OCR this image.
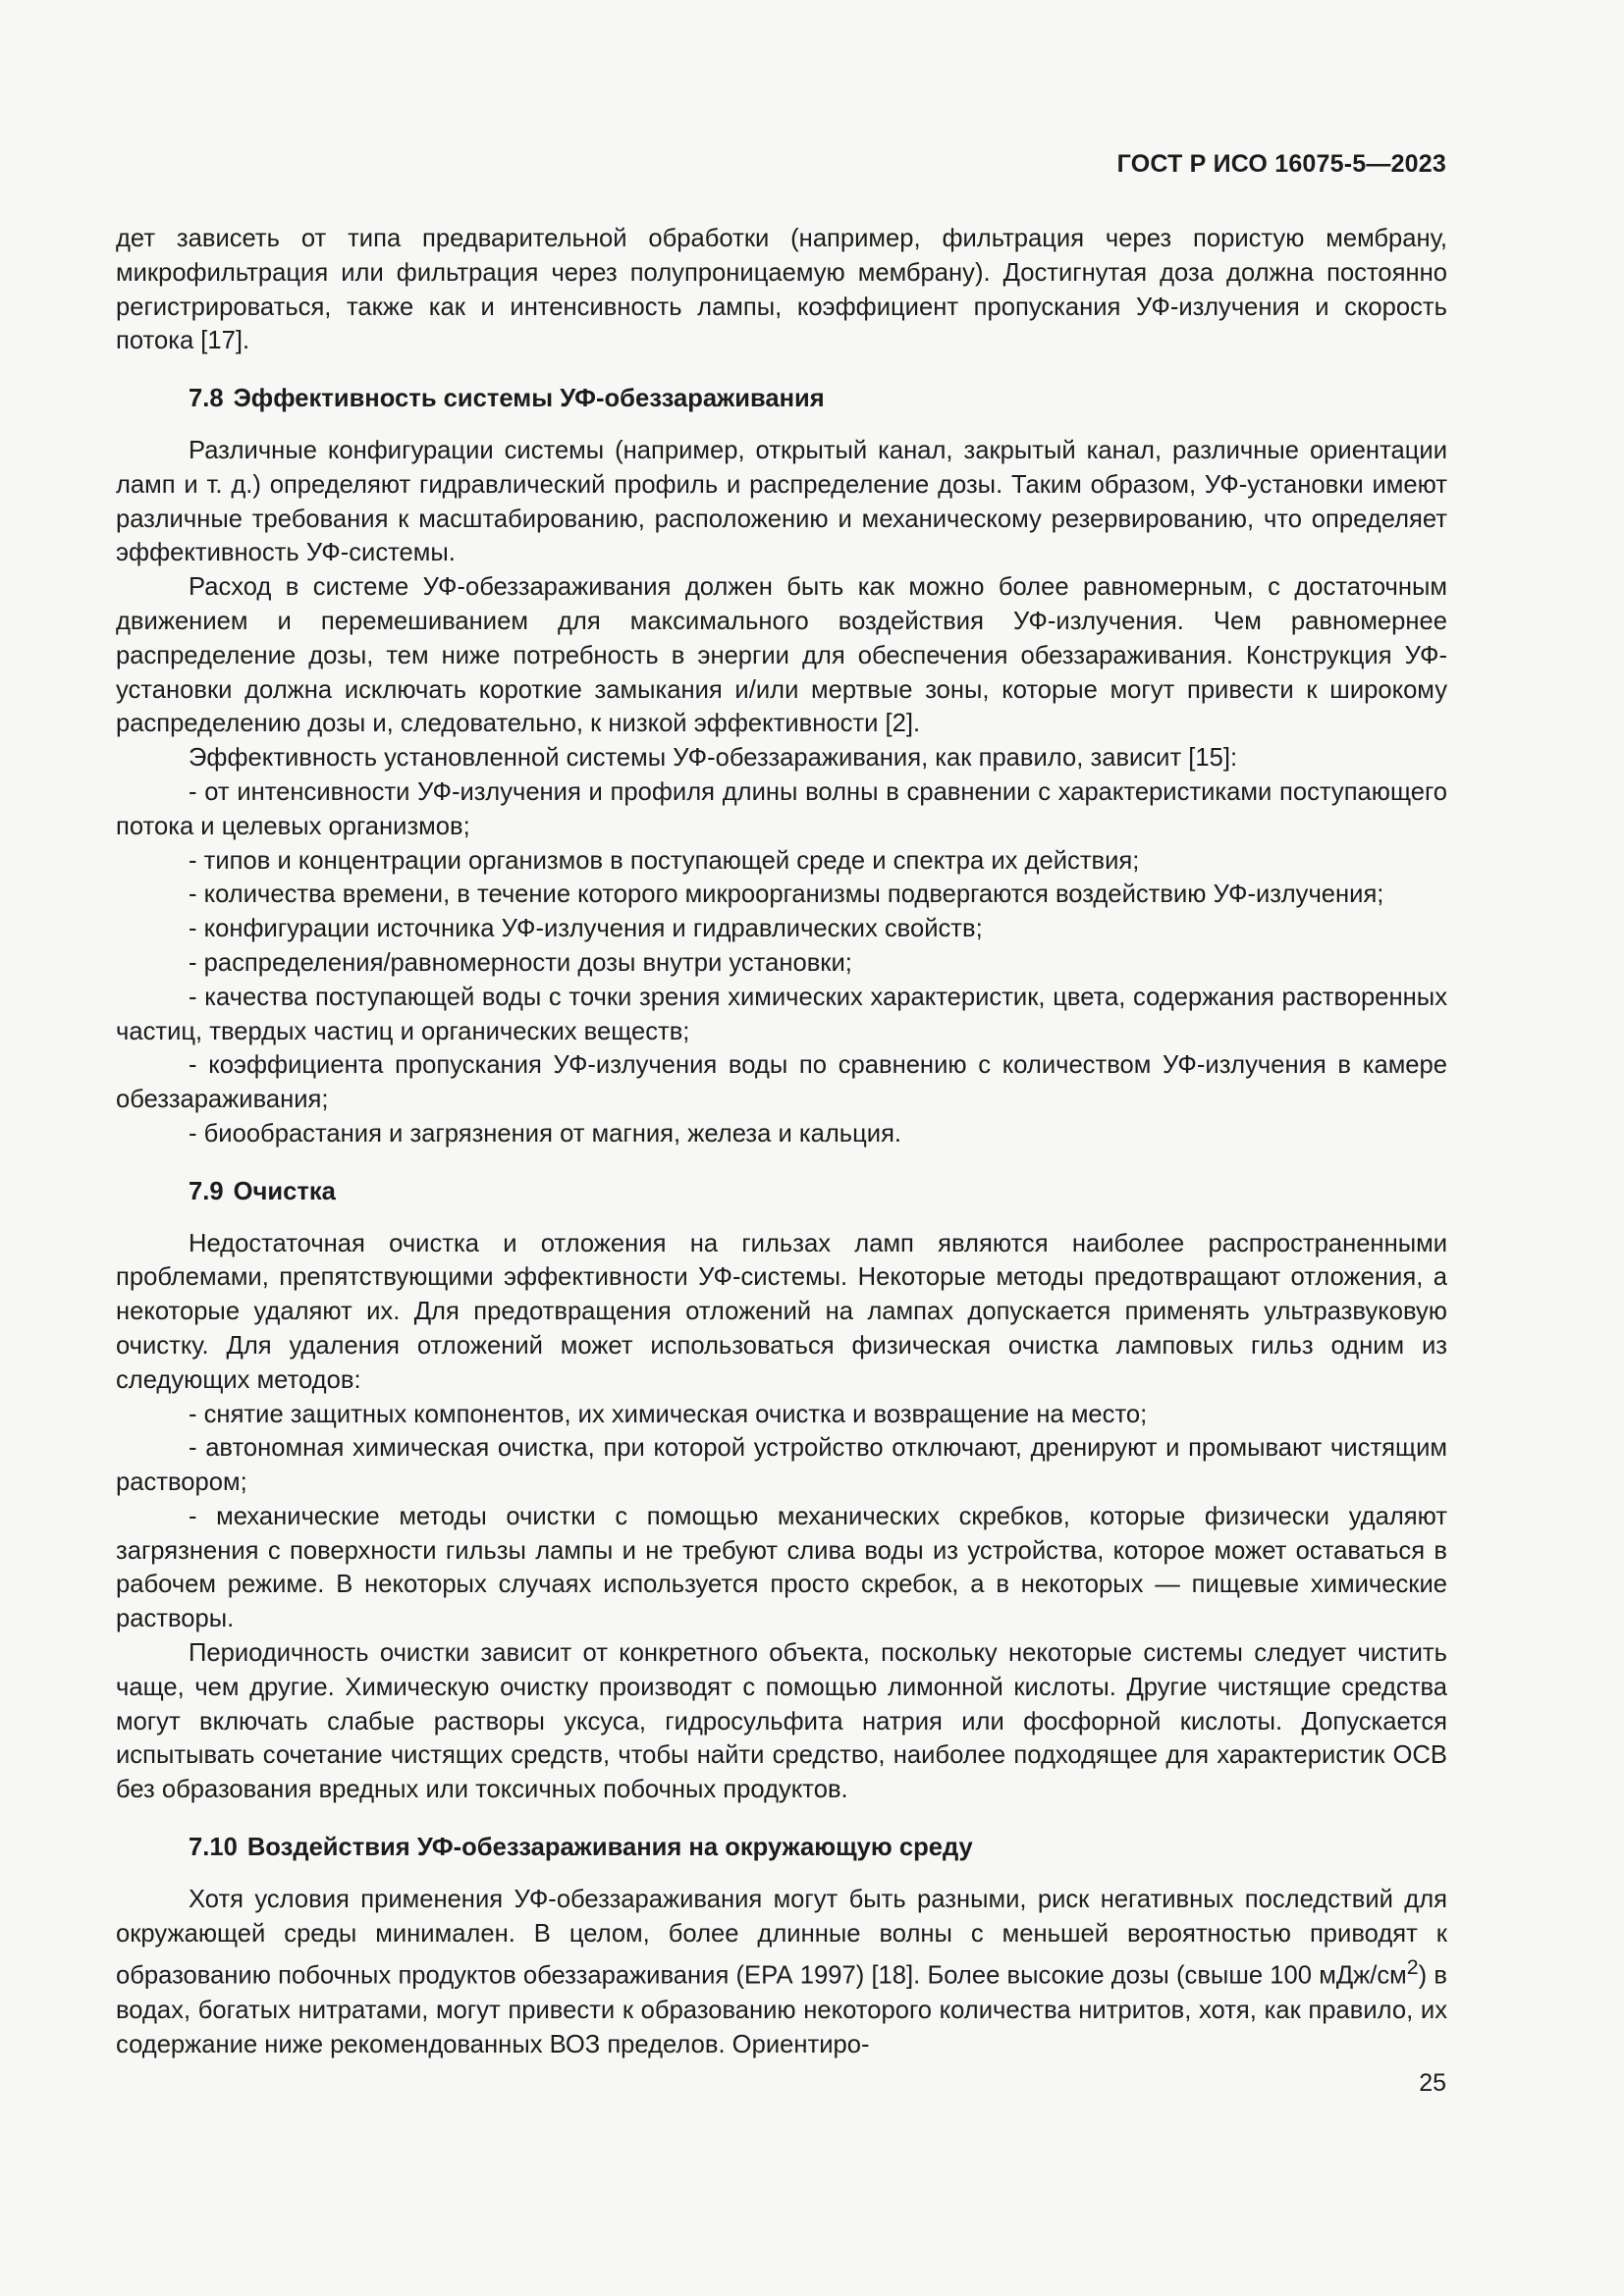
ГОСТ Р ИСО 16075-5—2023

дет зависеть от типа предварительной обработки (например, фильтрация через пористую мембрану, микрофильтрация или фильтрация через полупроницаемую мембрану). Достигнутая доза должна постоянно регистрироваться, также как и интенсивность лампы, коэффициент пропускания УФ-излучения и скорость потока [17].

7.8 Эффективность системы УФ-обеззараживания

Различные конфигурации системы (например, открытый канал, закрытый канал, различные ориентации ламп и т. д.) определяют гидравлический профиль и распределение дозы. Таким образом, УФ-установки имеют различные требования к масштабированию, расположению и механическому резервированию, что определяет эффективность УФ-системы.

Расход в системе УФ-обеззараживания должен быть как можно более равномерным, с достаточным движением и перемешиванием для максимального воздействия УФ-излучения. Чем равномернее распределение дозы, тем ниже потребность в энергии для обеспечения обеззараживания. Конструкция УФ-установки должна исключать короткие замыкания и/или мертвые зоны, которые могут привести к широкому распределению дозы и, следовательно, к низкой эффективности [2].

Эффективность установленной системы УФ-обеззараживания, как правило, зависит [15]:

- от интенсивности УФ-излучения и профиля длины волны в сравнении с характеристиками поступающего потока и целевых организмов;

- типов и концентрации организмов в поступающей среде и спектра их действия;

- количества времени, в течение которого микроорганизмы подвергаются воздействию УФ-излучения;

- конфигурации источника УФ-излучения и гидравлических свойств;

- распределения/равномерности дозы внутри установки;

- качества поступающей воды с точки зрения химических характеристик, цвета, содержания растворенных частиц, твердых частиц и органических веществ;

- коэффициента пропускания УФ-излучения воды по сравнению с количеством УФ-излучения в камере обеззараживания;

- биообрастания и загрязнения от магния, железа и кальция.

7.9 Очистка

Недостаточная очистка и отложения на гильзах ламп являются наиболее распространенными проблемами, препятствующими эффективности УФ-системы. Некоторые методы предотвращают отложения, а некоторые удаляют их. Для предотвращения отложений на лампах допускается применять ультразвуковую очистку. Для удаления отложений может использоваться физическая очистка ламповых гильз одним из следующих методов:

- снятие защитных компонентов, их химическая очистка и возвращение на место;

- автономная химическая очистка, при которой устройство отключают, дренируют и промывают чистящим раствором;

- механические методы очистки с помощью механических скребков, которые физически удаляют загрязнения с поверхности гильзы лампы и не требуют слива воды из устройства, которое может оставаться в рабочем режиме. В некоторых случаях используется просто скребок, а в некоторых — пищевые химические растворы.

Периодичность очистки зависит от конкретного объекта, поскольку некоторые системы следует чистить чаще, чем другие. Химическую очистку производят с помощью лимонной кислоты. Другие чистящие средства могут включать слабые растворы уксуса, гидросульфита натрия или фосфорной кислоты. Допускается испытывать сочетание чистящих средств, чтобы найти средство, наиболее подходящее для характеристик ОСВ без образования вредных или токсичных побочных продуктов.

7.10 Воздействия УФ-обеззараживания на окружающую среду

Хотя условия применения УФ-обеззараживания могут быть разными, риск негативных последствий для окружающей среды минимален. В целом, более длинные волны с меньшей вероятностью приводят к образованию побочных продуктов обеззараживания (ЕРА 1997) [18]. Более высокие дозы (свыше 100 мДж/$см^2$) в водах, богатых нитратами, могут привести к образованию некоторого количества нитритов, хотя, как правило, их содержание ниже рекомендованных ВОЗ пределов. Ориентиро-

25
